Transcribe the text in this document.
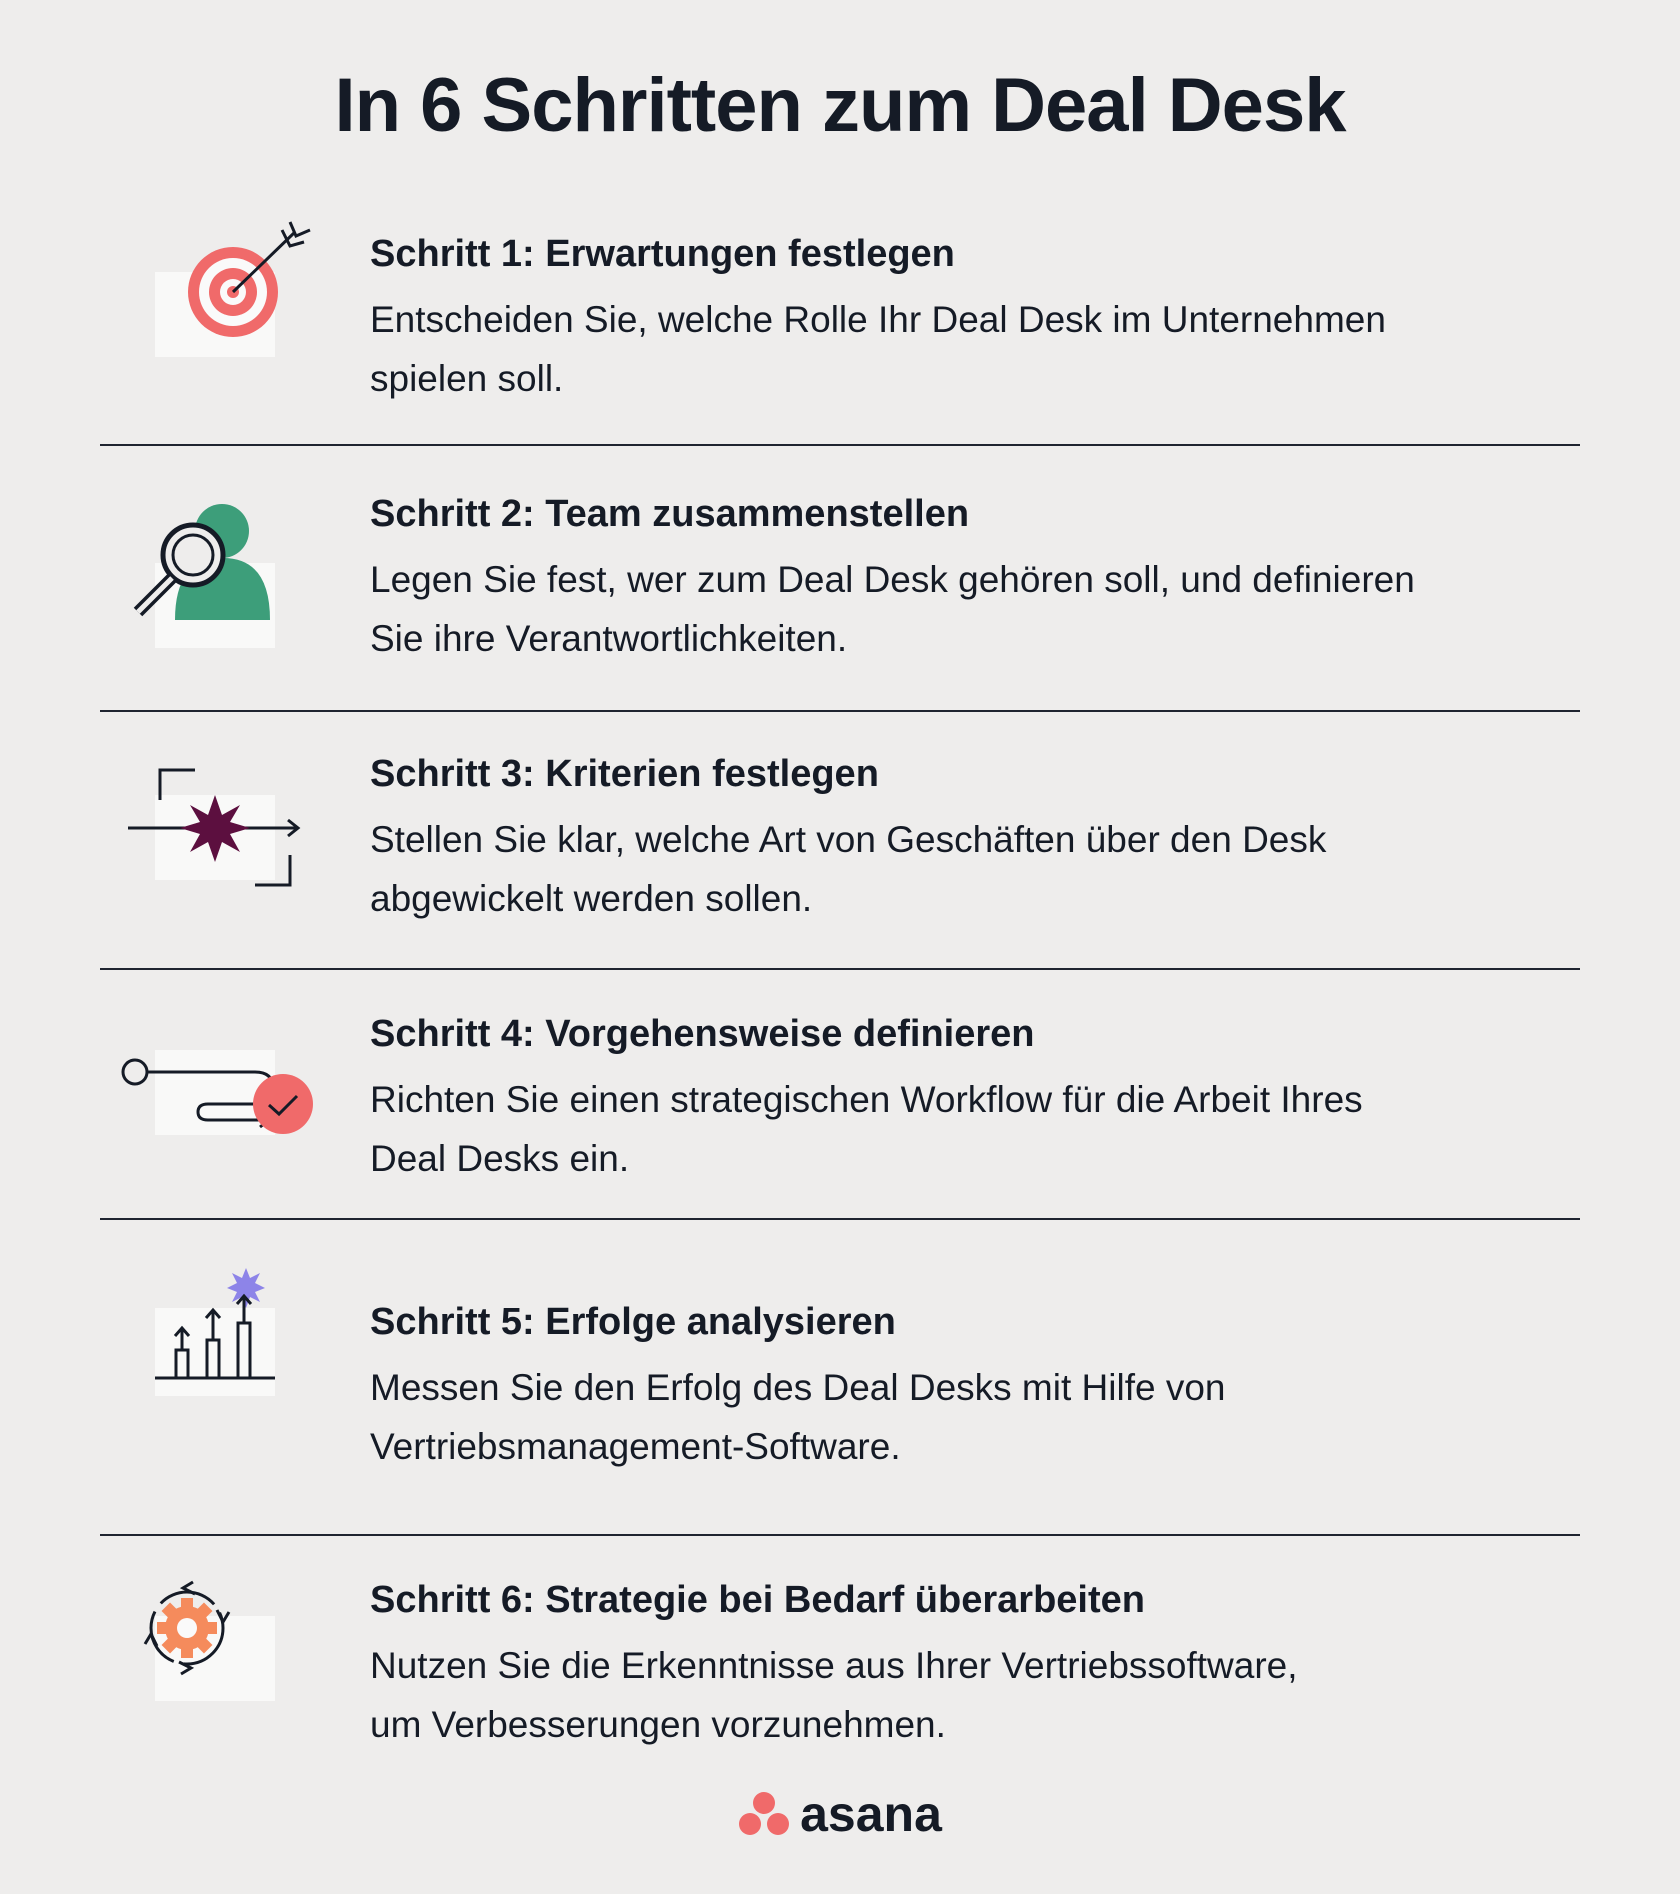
In 6 Schritten zum Deal Desk

Schritt 1: Erwartungen festlegen

Entscheiden Sie, welche Rolle Ihr Deal Desk im Unternehmen
spielen soll.

Schritt 2: Team zusammenstellen

Legen Sie fest, wer zum Deal Desk gehören soll, und definieren
Sie ihre Verantwortlichkeiten.

Schritt 3: Kriterien festlegen

Stellen Sie klar, welche Art von Geschäften über den Desk
abgewickelt werden sollen.

Schritt 4: Vorgehensweise definieren

Richten Sie einen strategischen Workflow für die Arbeit Ihres
Deal Desks ein.

Schritt 5: Erfolge analysieren

Messen Sie den Erfolg des Deal Desks mit Hilfe von
Vertriebsmanagement-Software.

Schritt 6: Strategie bei Bedarf überarbeiten

Nutzen Sie die Erkenntnisse aus Ihrer Vertriebssoftware,
um Verbesserungen vorzunehmen.

asana
